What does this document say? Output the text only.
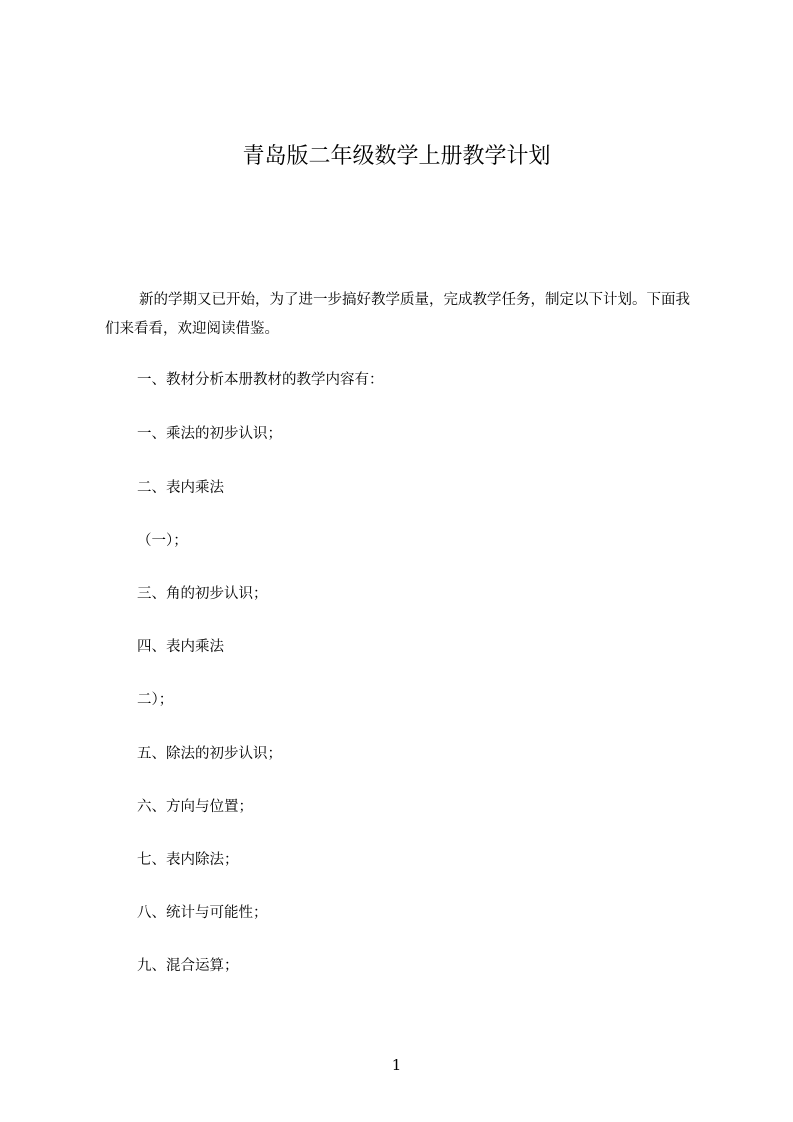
青岛版二年级数学上册教学计划

新的学期又已开始，为了进一步搞好教学质量，完成教学任务，制定以下计划。下面我们来看看，欢迎阅读借鉴。

一、教材分析本册教材的教学内容有：
一、乘法的初步认识；
二、表内乘法
（一）；
三、角的初步认识；
四、表内乘法
二）；
五、除法的初步认识；
六、方向与位置；
七、表内除法；
八、统计与可能性；
九、混合运算；
1
